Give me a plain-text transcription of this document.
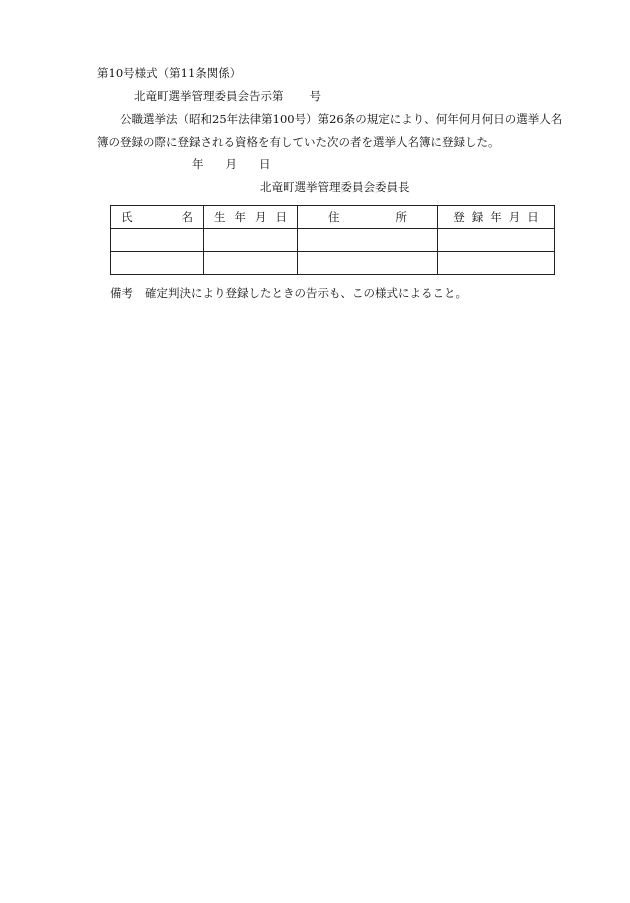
第10号様式（第11条関係）
北竜町選挙管理委員会告示第 号
公職選挙法（昭和25年法律第100号）第26条の規定により、何年何月何日の選挙人名
簿の登録の際に登録される資格を有していた次の者を選挙人名簿に登録した。
年 月 日
北竜町選挙管理委員会委員長
氏 名	生 年 月 日	住 所	登 録 年 月 日

備考 確定判決により登録したときの告示も、この様式によること。
